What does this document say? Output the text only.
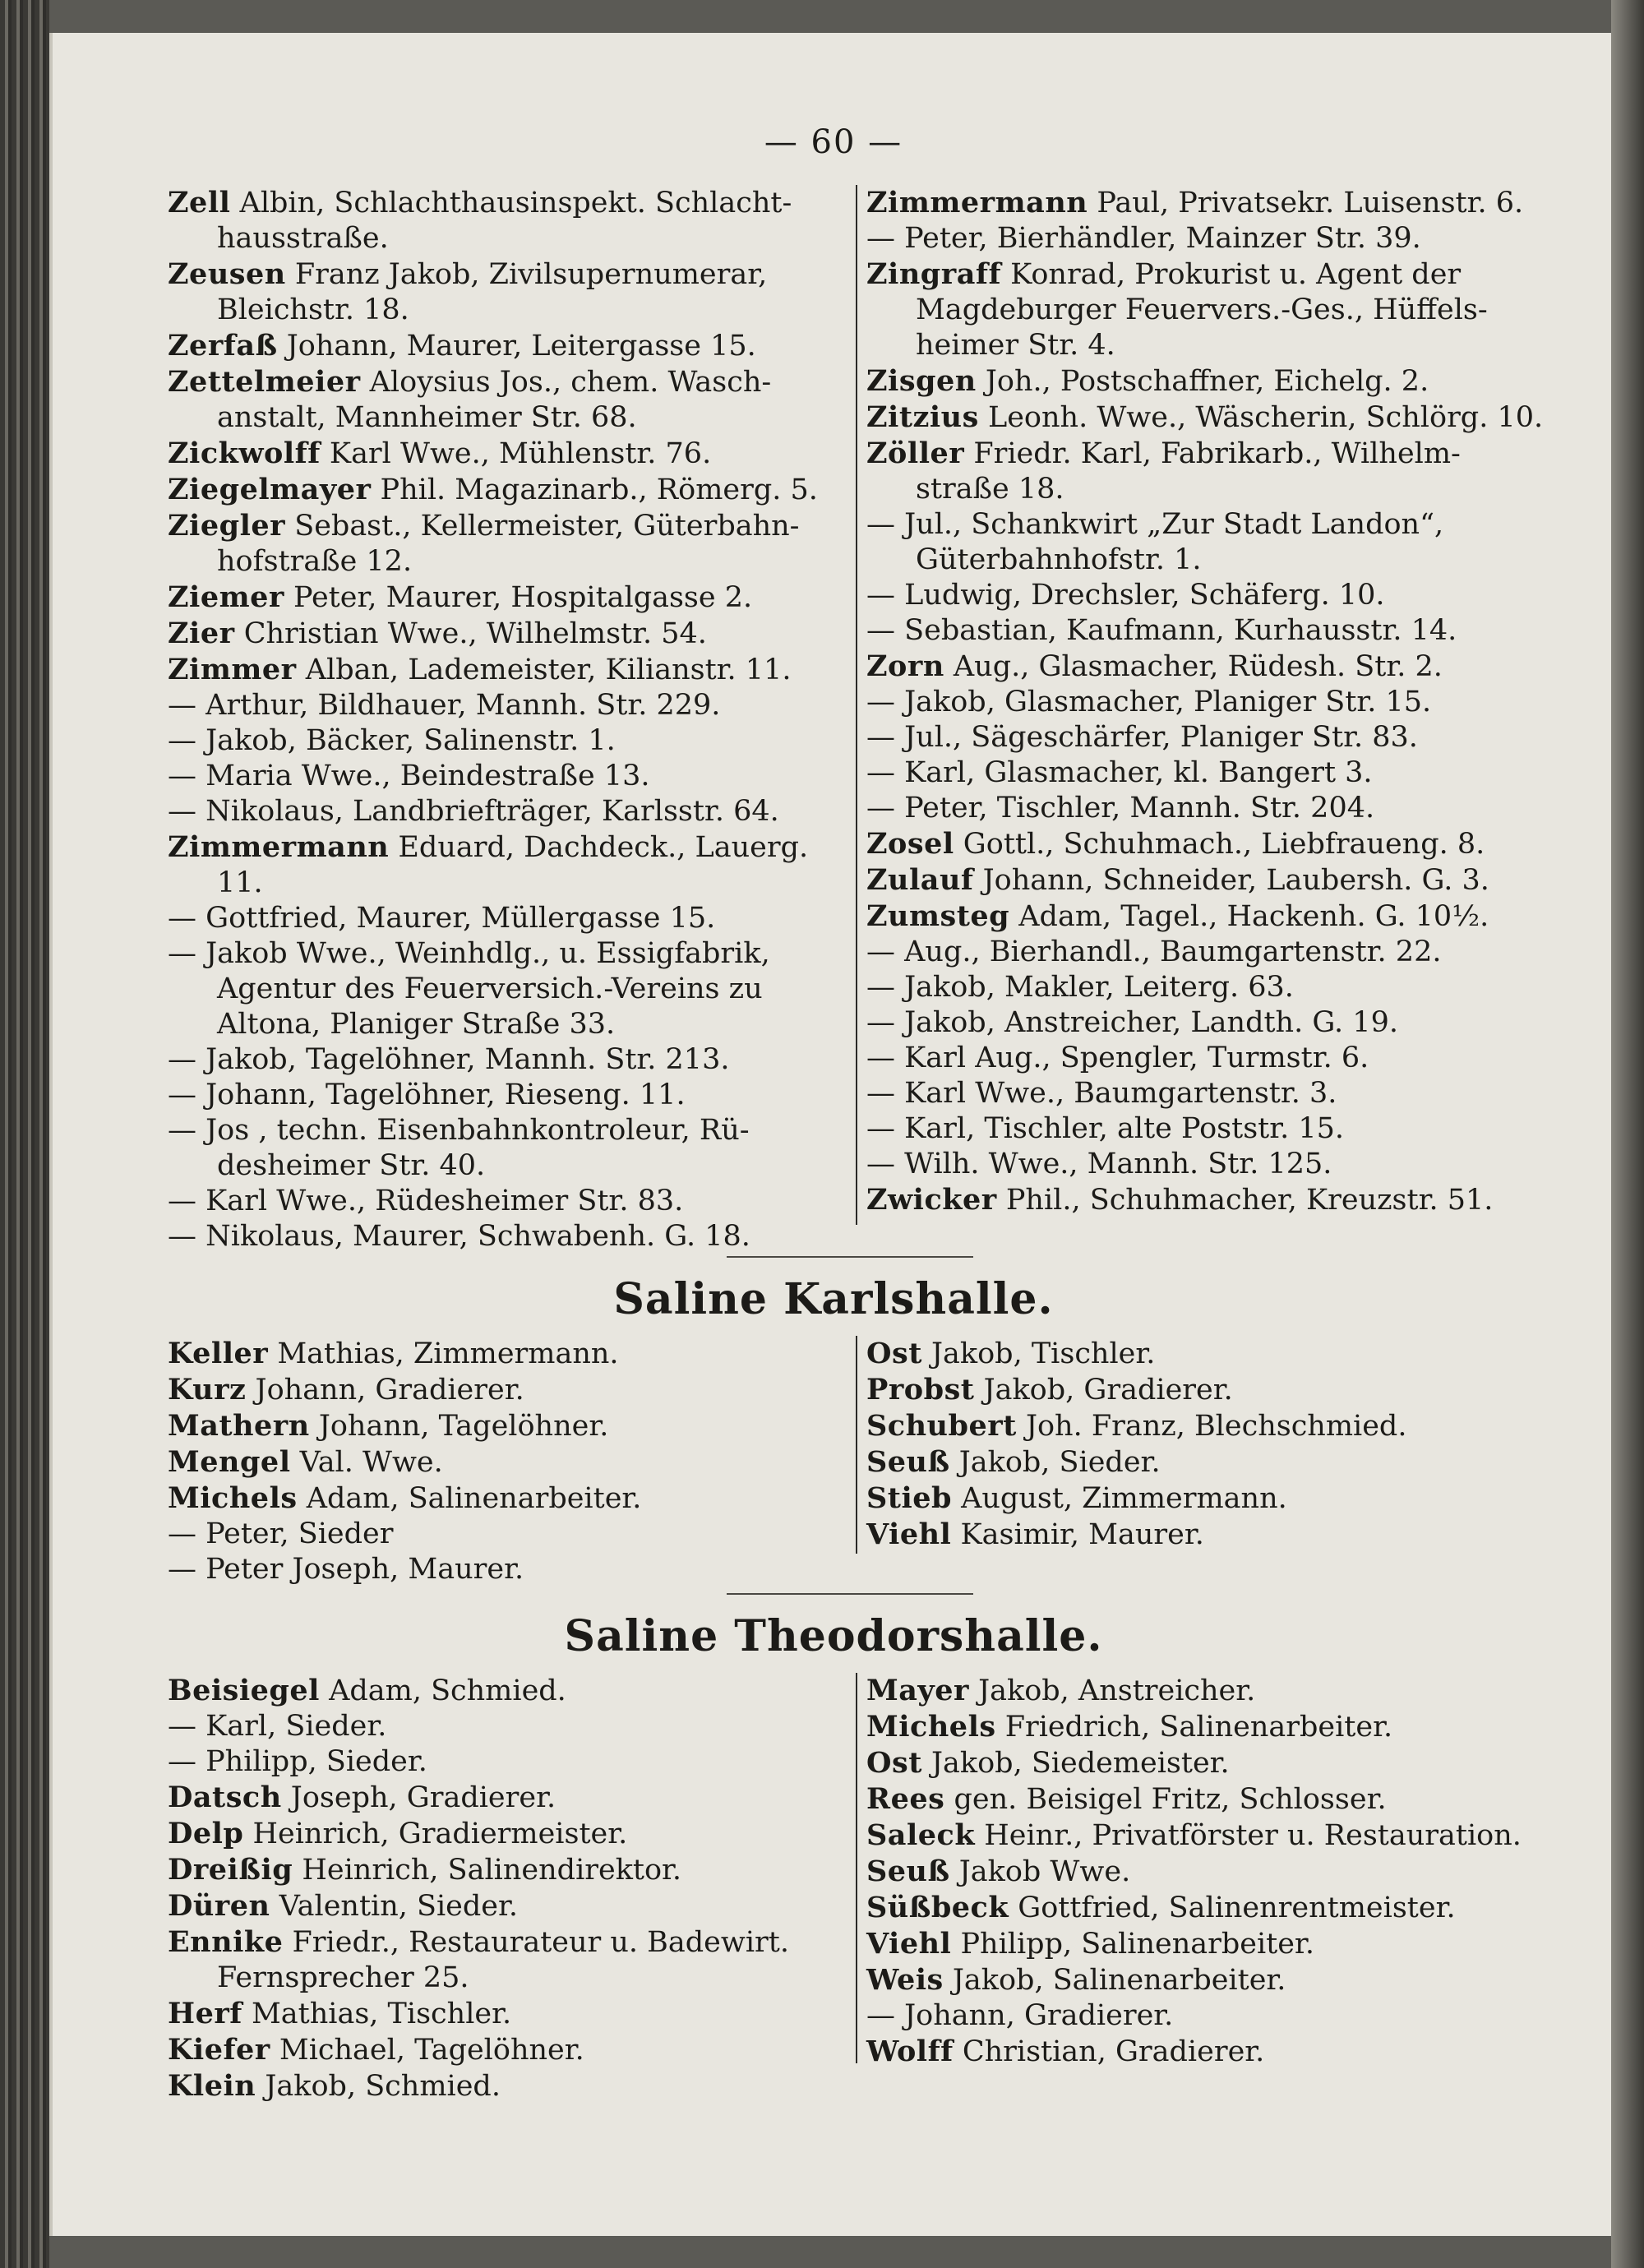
— 60 —
Zell Albin, Schlachthausinspekt. Schlacht- hausstraße.
Zeusen Franz Jakob, Zivilsupernumerar, Bleichstr. 18.
Zerfaß Johann, Maurer, Leitergasse 15.
Zettelmeier Aloysius Jos., chem. Wasch- anstalt, Mannheimer Str. 68.
Zickwolff Karl Wwe., Mühlenstr. 76.
Ziegelmayer Phil. Magazinarb., Römerg. 5.
Ziegler Sebast., Kellermeister, Güterbahn- hofstraße 12.
Ziemer Peter, Maurer, Hospitalgasse 2.
Zier Christian Wwe., Wilhelmstr. 54.
Zimmer Alban, Lademeister, Kilianstr. 11.
— Arthur, Bildhauer, Mannh. Str. 229.
— Jakob, Bäcker, Salinenstr. 1.
— Maria Wwe., Beindestraße 13.
— Nikolaus, Landbriefträger, Karlsstr. 64.
Zimmermann Eduard, Dachdeck., Lauerg. 11.
— Gottfried, Maurer, Müllergasse 15.
— Jakob Wwe., Weinhdlg., u. Essigfabrik, Agentur des Feuerversich.-Vereins zu Altona, Planiger Straße 33.
— Jakob, Tagelöhner, Mannh. Str. 213.
— Johann, Tagelöhner, Rieseng. 11.
— Jos , techn. Eisenbahnkontroleur, Rü- desheimer Str. 40.
— Karl Wwe., Rüdesheimer Str. 83.
— Nikolaus, Maurer, Schwabenh. G. 18.
Zimmermann Paul, Privatsekr. Luisenstr. 6.
— Peter, Bierhändler, Mainzer Str. 39.
Zingraff Konrad, Prokurist u. Agent der Magdeburger Feuervers.-Ges., Hüffels- heimer Str. 4.
Zisgen Joh., Postschaffner, Eichelg. 2.
Zitzius Leonh. Wwe., Wäscherin, Schlörg. 10.
Zöller Friedr. Karl, Fabrikarb., Wilhelm- straße 18.
— Jul., Schankwirt „Zur Stadt Landon“, Güterbahnhofstr. 1.
— Ludwig, Drechsler, Schäferg. 10.
— Sebastian, Kaufmann, Kurhausstr. 14.
Zorn Aug., Glasmacher, Rüdesh. Str. 2.
— Jakob, Glasmacher, Planiger Str. 15.
— Jul., Sägeschärfer, Planiger Str. 83.
— Karl, Glasmacher, kl. Bangert 3.
— Peter, Tischler, Mannh. Str. 204.
Zosel Gottl., Schuhmach., Liebfraueng. 8.
Zulauf Johann, Schneider, Laubersh. G. 3.
Zumsteg Adam, Tagel., Hackenh. G. 10½.
— Aug., Bierhandl., Baumgartenstr. 22.
— Jakob, Makler, Leiterg. 63.
— Jakob, Anstreicher, Landth. G. 19.
— Karl Aug., Spengler, Turmstr. 6.
— Karl Wwe., Baumgartenstr. 3.
— Karl, Tischler, alte Poststr. 15.
— Wilh. Wwe., Mannh. Str. 125.
Zwicker Phil., Schuhmacher, Kreuzstr. 51.
Saline Karlshalle.
Keller Mathias, Zimmermann.
Kurz Johann, Gradierer.
Mathern Johann, Tagelöhner.
Mengel Val. Wwe.
Michels Adam, Salinenarbeiter.
— Peter, Sieder
— Peter Joseph, Maurer.
Ost Jakob, Tischler.
Probst Jakob, Gradierer.
Schubert Joh. Franz, Blechschmied.
Seuß Jakob, Sieder.
Stieb August, Zimmermann.
Viehl Kasimir, Maurer.
Saline Theodorshalle.
Beisiegel Adam, Schmied.
— Karl, Sieder.
— Philipp, Sieder.
Datsch Joseph, Gradierer.
Delp Heinrich, Gradiermeister.
Dreißig Heinrich, Salinendirektor.
Düren Valentin, Sieder.
Ennike Friedr., Restaurateur u. Badewirt. Fernsprecher 25.
Herf Mathias, Tischler.
Kiefer Michael, Tagelöhner.
Klein Jakob, Schmied.
Mayer Jakob, Anstreicher.
Michels Friedrich, Salinenarbeiter.
Ost Jakob, Siedemeister.
Rees gen. Beisigel Fritz, Schlosser.
Saleck Heinr., Privatförster u. Restauration.
Seuß Jakob Wwe.
Süßbeck Gottfried, Salinenrentmeister.
Viehl Philipp, Salinenarbeiter.
Weis Jakob, Salinenarbeiter.
— Johann, Gradierer.
Wolff Christian, Gradierer.
